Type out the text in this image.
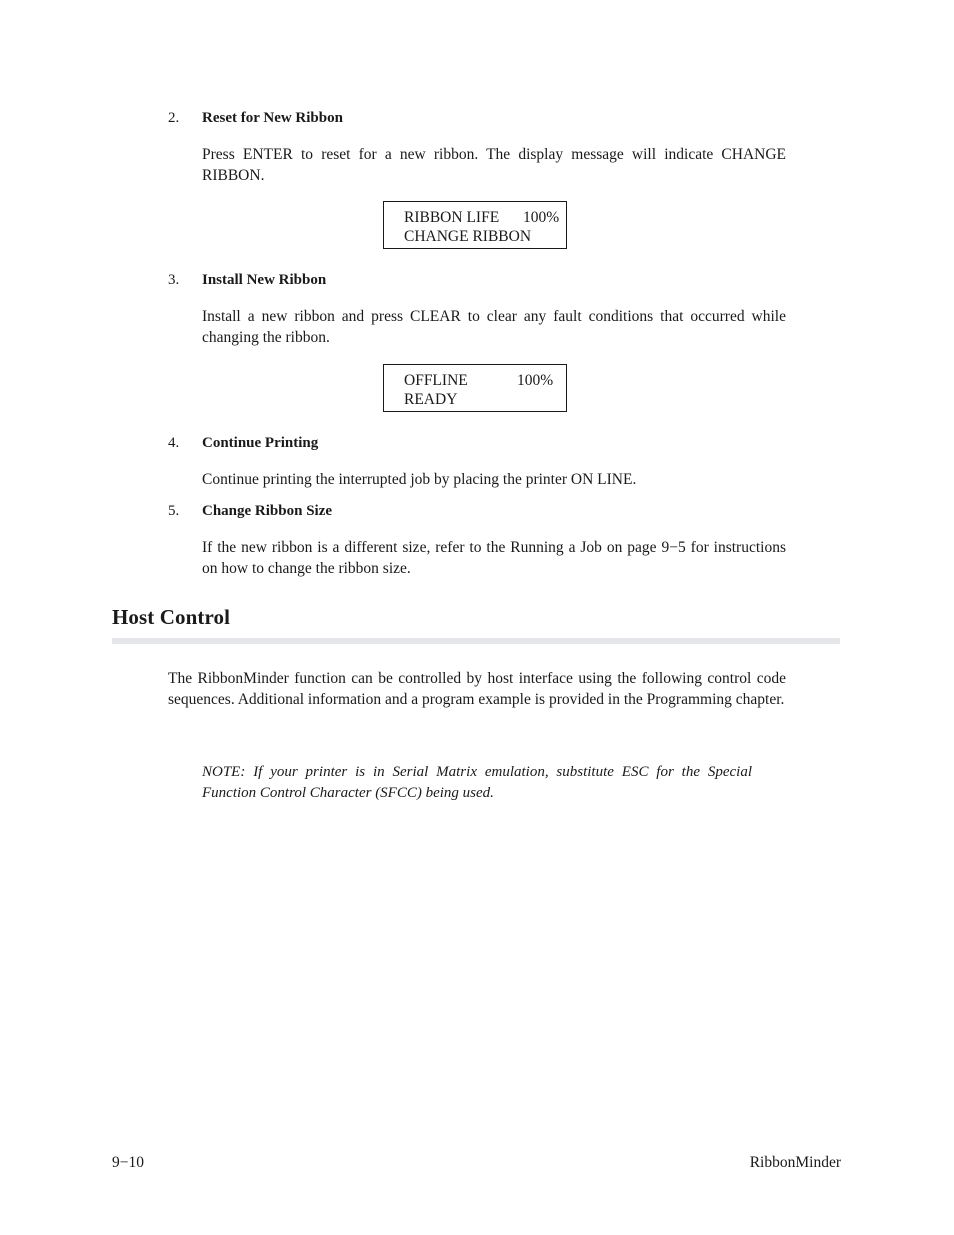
2. Reset for New Ribbon

Press ENTER to reset for a new ribbon. The display message will indicate CHANGE RIBBON.

RIBBON LIFE 100%
CHANGE RIBBON
3. Install New Ribbon

Install a new ribbon and press CLEAR to clear any fault conditions that occurred while changing the ribbon.

OFFLINE	100%
READY
4. Continue Printing

Continue printing the interrupted job by placing the printer ON LINE.

5. Change Ribbon Size

If the new ribbon is a different size, refer to the Running a Job on page 9−5 for instructions on how to change the ribbon size.

Host Control

The RibbonMinder function can be controlled by host interface using the following control code sequences. Additional information and a program example is provided in the Programming chapter.

NOTE: If your printer is in Serial Matrix emulation, substitute ESC for the Special Function Control Character (SFCC) being used.

9−10	RibbonMinder
